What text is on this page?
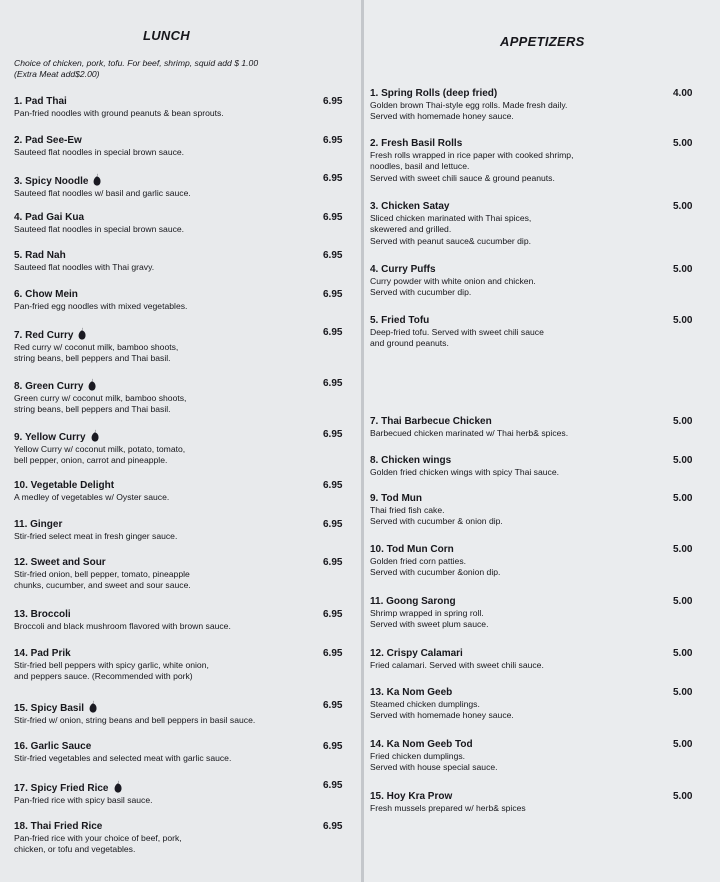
LUNCH
Choice of chicken, pork, tofu. For beef, shrimp, squid add $ 1.00
(Extra Meat add$2.00)
1. Pad Thai
Pan-fried noodles with ground peanuts & bean sprouts.
6.95
2. Pad See-Ew
Sauteed flat noodles in special brown sauce.
6.95
3. Spicy Noodle
Sauteed flat noodles w/ basil and garlic sauce.
6.95
4. Pad Gai Kua
Sauteed flat noodles in special brown sauce.
6.95
5. Rad Nah
Sauteed flat noodles with Thai gravy.
6.95
6. Chow Mein
Pan-fried egg noodles with mixed vegetables.
6.95
7. Red Curry
Red curry w/ coconut milk, bamboo shoots,
string beans, bell peppers and Thai basil.
6.95
8. Green Curry
Green curry w/ coconut milk, bamboo shoots,
string beans, bell peppers and Thai basil.
6.95
9. Yellow Curry
Yellow Curry w/ coconut milk, potato, tomato,
bell pepper, onion, carrot and pineapple.
6.95
10. Vegetable Delight
A medley of vegetables w/ Oyster sauce.
6.95
11. Ginger
Stir-fried select meat in fresh ginger sauce.
6.95
12. Sweet and Sour
Stir-fried onion, bell pepper, tomato, pineapple
chunks, cucumber, and sweet and sour sauce.
6.95
13. Broccoli
Broccoli and black mushroom flavored with brown sauce.
6.95
14. Pad Prik
Stir-fried bell peppers with spicy garlic, white onion,
and peppers sauce. (Recommended with pork)
6.95
15. Spicy Basil
Stir-fried w/ onion, string beans and bell peppers in basil sauce.
6.95
16. Garlic Sauce
Stir-fried vegetables and selected meat with garlic sauce.
6.95
17. Spicy Fried Rice
Pan-fried rice with spicy basil sauce.
6.95
18. Thai Fried Rice
Pan-fried rice with your choice of beef, pork,
chicken, or tofu and vegetables.
6.95
APPETIZERS
1. Spring Rolls (deep fried)
Golden brown Thai-style egg rolls. Made fresh daily.
Served with homemade honey sauce.
4.00
2. Fresh Basil Rolls
Fresh rolls wrapped in rice paper with cooked shrimp,
noodles, basil and lettuce.
Served with sweet chili sauce & ground peanuts.
5.00
3. Chicken Satay
Sliced chicken marinated with Thai spices,
skewered and grilled.
Served with peanut sauce& cucumber dip.
5.00
4. Curry Puffs
Curry powder with white onion and chicken.
Served with cucumber dip.
5.00
5. Fried Tofu
Deep-fried tofu. Served with sweet chili sauce
and ground peanuts.
5.00
7. Thai Barbecue Chicken
Barbecued chicken marinated w/ Thai herb& spices.
5.00
8. Chicken wings
Golden fried chicken wings with spicy Thai sauce.
5.00
9. Tod Mun
Thai fried fish cake.
Served with cucumber & onion dip.
5.00
10. Tod Mun Corn
Golden fried corn patties.
Served with cucumber &onion dip.
5.00
11. Goong Sarong
Shrimp wrapped in spring roll.
Served with sweet plum sauce.
5.00
12. Crispy Calamari
Fried calamari. Served with sweet chili sauce.
5.00
13. Ka Nom Geeb
Steamed chicken dumplings.
Served with homemade honey sauce.
5.00
14. Ka Nom Geeb Tod
Fried chicken dumplings.
Served with house special sauce.
5.00
15. Hoy Kra Prow
Fresh mussels prepared w/ herb& spices
5.00
